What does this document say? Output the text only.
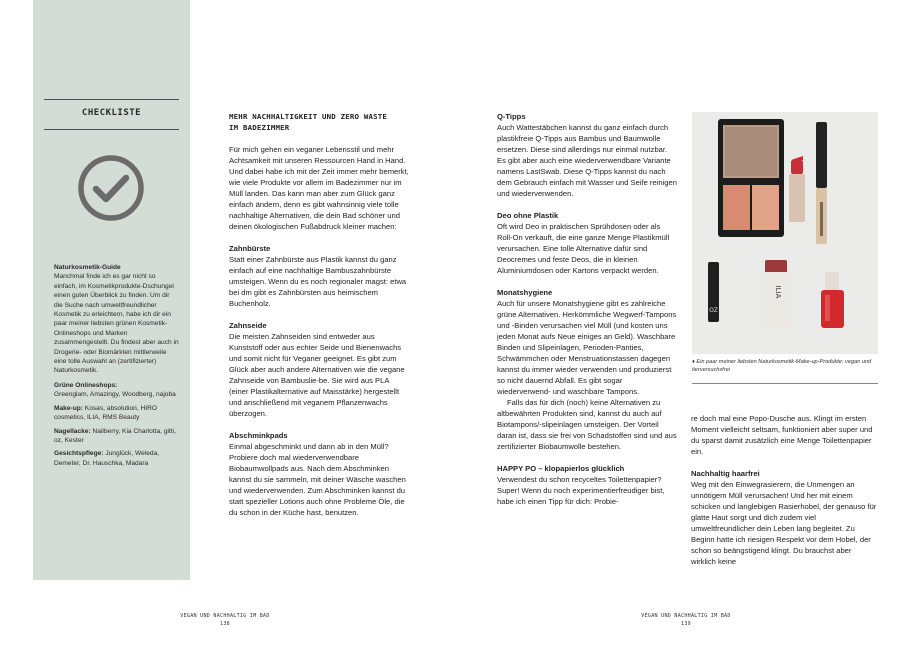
CHECKLISTE
Naturkosmetik-Guide

Manchmal finde ich es gar nicht so einfach, im Kosmetikprodukte-Dschungel einen guten Überblick zu finden. Um dir die Suche nach umweltfreundlicher Kosmetik zu erleichtern, habe ich dir ein paar meiner liebsten grünen Kosmetik-Onlineshops und Marken zusammengestellt. Du findest aber auch in Drogerie- oder Biomärkten mittlerweile eine tolle Auswahl an (zertifizierter) Naturkosmetik.

Grüne Onlineshops:
Greenglam, Amazingy, Woodberg, najoba
Make-up: Kosas, absolution, HIRO cosmetics, ILIA, RMS Beauty
Nagellacke: Nailberry, Kia Charlotta, gitti, oz, Kester
Gesichtspflege: Junglück, Weleda, Demeter, Dr. Hauschka, Madara
MEHR NACHHALTIGKEIT UND ZERO WASTE
IM BADEZIMMER

Für mich gehen ein veganer Lebensstil und mehr Achtsamkeit mit unseren Ressourcen Hand in Hand. Und dabei habe ich mit der Zeit immer mehr bemerkt, wie viele Produkte vor allem im Badezimmer nur im Müll landen. Das kann man aber zum Glück ganz einfach ändern, denn es gibt wahnsinnig viele tolle nachhaltige Alternativen, die dein Bad schöner und deinen ökologischen Fußabdruck kleiner machen:

Zahnbürste

Statt einer Zahnbürste aus Plastik kannst du ganz einfach auf eine nachhaltige Bambuszahnbürste umsteigen. Wenn du es noch regionaler magst: etwa bei dm gibt es Zahnbürsten aus heimischem Buchenholz.

Zahnseide

Die meisten Zahnseiden sind entweder aus Kunststoff oder aus echter Seide und Bienenwachs und somit nicht für Veganer geeignet. Es gibt zum Glück aber auch andere Alternativen wie die vegane Zahnseide von Bambuslie-be. Sie wird aus PLA (einer Plastikalternative auf Maisstärke) hergestellt und anschließend mit veganem Pflanzenwachs überzogen.

Abschminkpads

Einmal abgeschminkt und dann ab in den Müll? Probiere doch mal wiederverwendbare Biobaumwollpads aus. Nach dem Abschminken kannst du sie sammeln, mit deiner Wäsche waschen und wiederverwenden. Zum Abschminken kannst du statt spezieller Lotions auch ohne Probleme Öle, die du schon in der Küche hast, benutzen.

Q-Tipps

Auch Wattestäbchen kannst du ganz einfach durch plastikfreie Q-Tipps aus Bambus und Baumwolle ersetzen. Diese sind allerdings nur einmal nutzbar. Es gibt aber auch eine wiederverwendbare Variante namens LastSwab. Diese Q-Tipps kannst du nach dem Gebrauch einfach mit Wasser und Seife reinigen und wiederverwenden.

Deo ohne Plastik

Oft wird Deo in praktischen Sprühdosen oder als Roll-On verkauft, die eine ganze Menge Plastikmüll verursachen. Eine tolle Alternative dafür sind Deocremes und feste Deos, die in kleinen Aluminiumdosen oder Kartons verpackt werden.

Monatshygiene

Auch für unsere Monatshygiene gibt es zahlreiche grüne Alternativen. Herkömmliche Wegwerf-Tampons und -Binden verursachen viel Müll (und kosten uns jeden Monat aufs Neue einiges an Geld). Waschbare Binden und Slipeinlagen, Perioden-Panties, Schwämmchen oder Menstruationstassen dagegen kannst du immer wieder verwenden und produzierst so nicht dauernd Abfall. Es gibt sogar wiederverwend- und waschbare Tampons.

Falls das für dich (noch) keine Alternativen zu altbewährten Produkten sind, kannst du auch auf Biotampons/-slipeinlagen umsteigen. Der Vorteil daran ist, dass sie frei von Schadstoffen sind und aus zertifizierter Biobaumwolle bestehen.

HAPPY PO – klopapierlos glücklich

Verwendest du schon recyceltes Toilettenpapier? Super! Wenn du noch experimentierfreudiger bist, habe ich einen Tipp für dich: Probie-

OZ
ILIA
♦ Ein paar meiner liebsten Naturkosmetik-Make-up-Produkte: vegan und tierversuchsfrei

re doch mal eine Popo-Dusche aus. Klingt im ersten Moment vielleicht seltsam, funktioniert aber super und du sparst damit zusätzlich eine Menge Toilettenpapier ein.

Nachhaltig haarfrei

Weg mit den Einwegrasierern, die Unmengen an unnötigem Müll verursachen! Und her mit einem schicken und langlebigen Rasierhobel, der genauso für glatte Haut sorgt und dich zudem viel umweltfreundlicher dein Leben lang begleitet. Zu Beginn hatte ich riesigen Respekt vor dem Hobel, der schon so beängstigend klingt. Du brauchst aber wirklich keine

VEGAN UND NACHHALTIG IM BAD
138
VEGAN UND NACHHALTIG IM BAD
139
